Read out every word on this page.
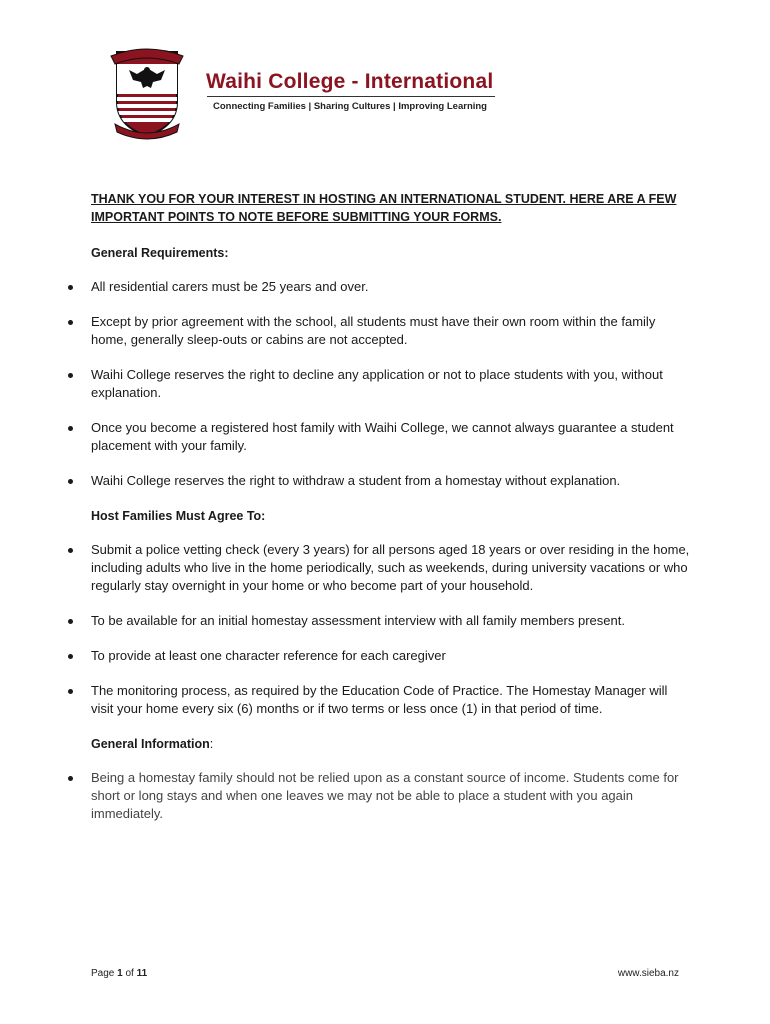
Waihi College - International
Connecting Families | Sharing Cultures | Improving Learning

THANK YOU FOR YOUR INTEREST IN HOSTING AN INTERNATIONAL STUDENT. HERE ARE A FEW IMPORTANT POINTS TO NOTE BEFORE SUBMITTING YOUR FORMS.

General Requirements:
All residential carers must be 25 years and over.
Except by prior agreement with the school, all students must have their own room within the family home, generally sleep-outs or cabins are not accepted.
Waihi College reserves the right to decline any application or not to place students with you, without explanation.
Once you become a registered host family with Waihi College, we cannot always guarantee a student placement with your family.
Waihi College reserves the right to withdraw a student from a homestay without explanation.
Host Families Must Agree To:
Submit a police vetting check (every 3 years) for all persons aged 18 years or over residing in the home, including adults who live in the home periodically, such as weekends, during university vacations or who regularly stay overnight in your home or who become part of your household.
To be available for an initial homestay assessment interview with all family members present.
To provide at least one character reference for each caregiver
The monitoring process, as required by the Education Code of Practice. The Homestay Manager will visit your home every six (6) months or if two terms or less once (1) in that period of time.
General Information:
Being a homestay family should not be relied upon as a constant source of income. Students come for short or long stays and when one leaves we may not be able to place a student with you again immediately.
Page 1 of 11	www.sieba.nz
